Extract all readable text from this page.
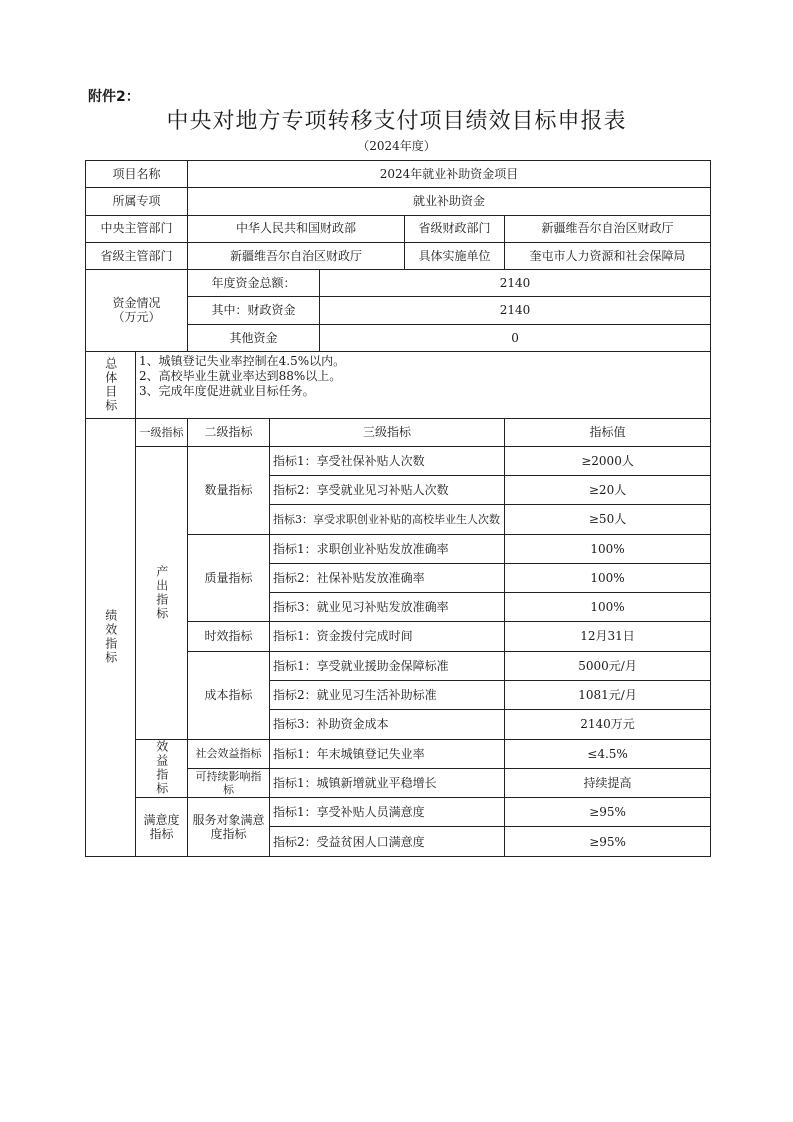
附件2：
中央对地方专项转移支付项目绩效目标申报表
（2024年度）
项目名称		2024年就业补助资金项目				
所属专项		就业补助资金				
中央主管部门		中华人民共和国财政部			省级财政部门	新疆维吾尔自治区财政厅
省级主管部门		新疆维吾尔自治区财政厅			具体实施单位	奎屯市人力资源和社会保障局

资金情况
（万元）		年度资金总额：		2140		
		其中：财政资金		2140		
		其他资金		0		
总体目标	1、城镇登记失业率控制在4.5%以内。
2、高校毕业生就业率达到88%以上。
3、完成年度促进就业目标任务。					

绩效指标	一级指标	二级指标	三级指标			指标值
	产出指标	数量指标	指标1：享受社保补贴人次数			≥2000人
			指标2：享受就业见习补贴人次数			≥20人
			指标3：享受求职创业补贴的高校毕业生人次数			≥50人
		质量指标	指标1：求职创业补贴发放准确率			100%
			指标2：社保补贴发放准确率			100%
			指标3：就业见习补贴发放准确率			100%
		时效指标	指标1：资金拨付完成时间			12月31日
		成本指标	指标1：享受就业援助金保障标准			5000元/月
			指标2：就业见习生活补助标准			1081元/月
			指标3：补助资金成本			2140万元
	效益指标	社会效益指标	指标1：年末城镇登记失业率			≤4.5%
		可持续影响指标	指标1：城镇新增就业平稳增长			持续提高
	满意度指标	服务对象满意度指标	指标1：享受补贴人员满意度			≥95%
			指标2：受益贫困人口满意度			≥95%
